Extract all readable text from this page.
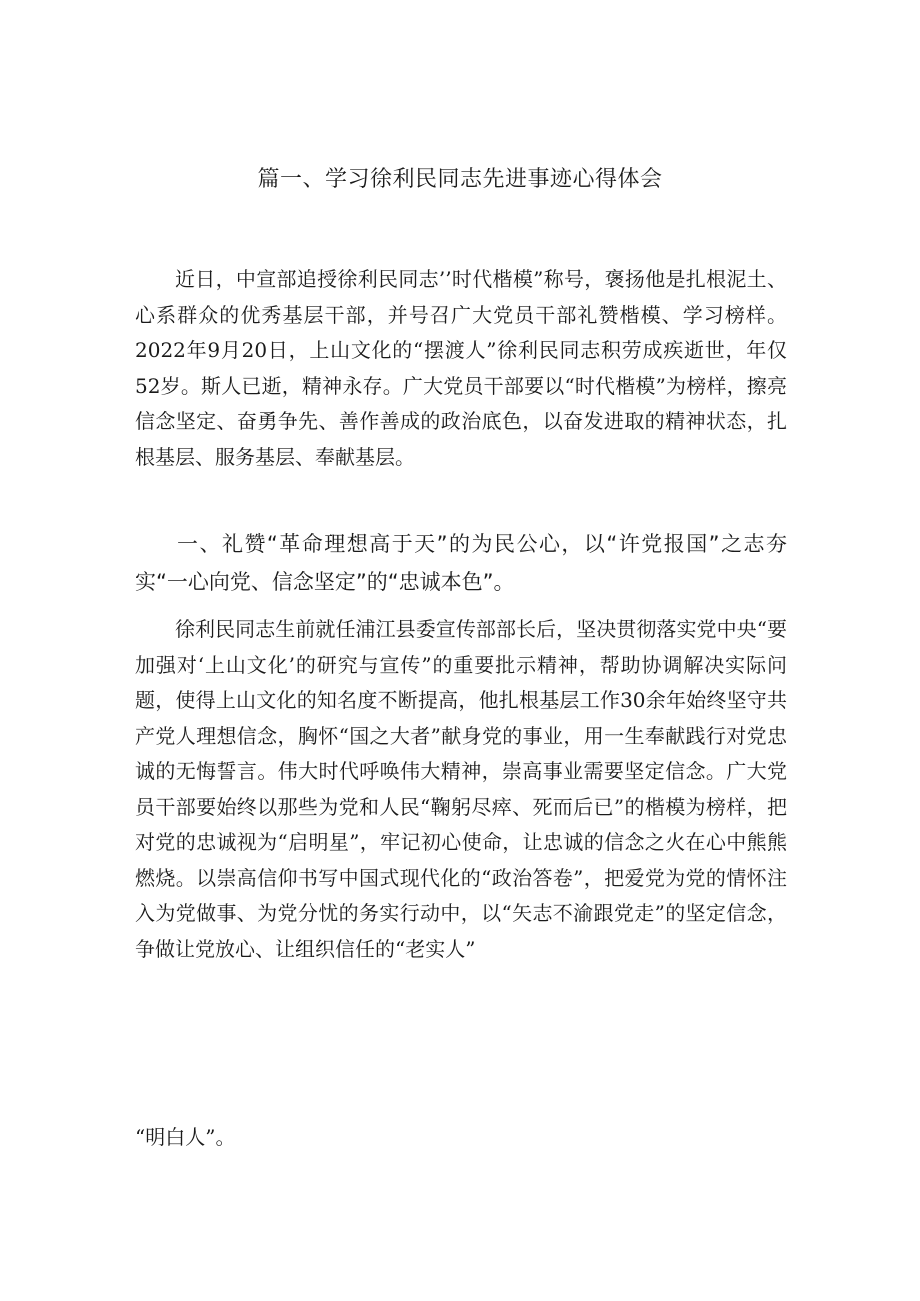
篇一、学习徐利民同志先进事迹心得体会
近日，中宣部追授徐利民同志’’时代楷模”称号，褒扬他是扎根泥土、心系群众的优秀基层干部，并号召广大党员干部礼赞楷模、学习榜样。2022年9月20日，上山文化的“摆渡人”徐利民同志积劳成疾逝世，年仅52岁。斯人已逝，精神永存。广大党员干部要以“时代楷模”为榜样，擦亮信念坚定、奋勇争先、善作善成的政治底色，以奋发进取的精神状态，扎根基层、服务基层、奉献基层。
一、礼赞“革命理想高于天”的为民公心，以“许党报国”之志夯实“一心向党、信念坚定”的“忠诚本色”。
徐利民同志生前就任浦江县委宣传部部长后，坚决贯彻落实党中央“要加强对‘上山文化’的研究与宣传”的重要批示精神，帮助协调解决实际问题，使得上山文化的知名度不断提高，他扎根基层工作30余年始终坚守共产党人理想信念，胸怀“国之大者”献身党的事业，用一生奉献践行对党忠诚的无悔誓言。伟大时代呼唤伟大精神，崇高事业需要坚定信念。广大党员干部要始终以那些为党和人民“鞠躬尽瘁、死而后已”的楷模为榜样，把对党的忠诚视为“启明星”，牢记初心使命，让忠诚的信念之火在心中熊熊燃烧。以崇高信仰书写中国式现代化的“政治答卷”，把爱党为党的情怀注入为党做事、为党分忧的务实行动中，以“矢志不渝跟党走”的坚定信念，争做让党放心、让组织信任的“老实人”
“明白人”。
